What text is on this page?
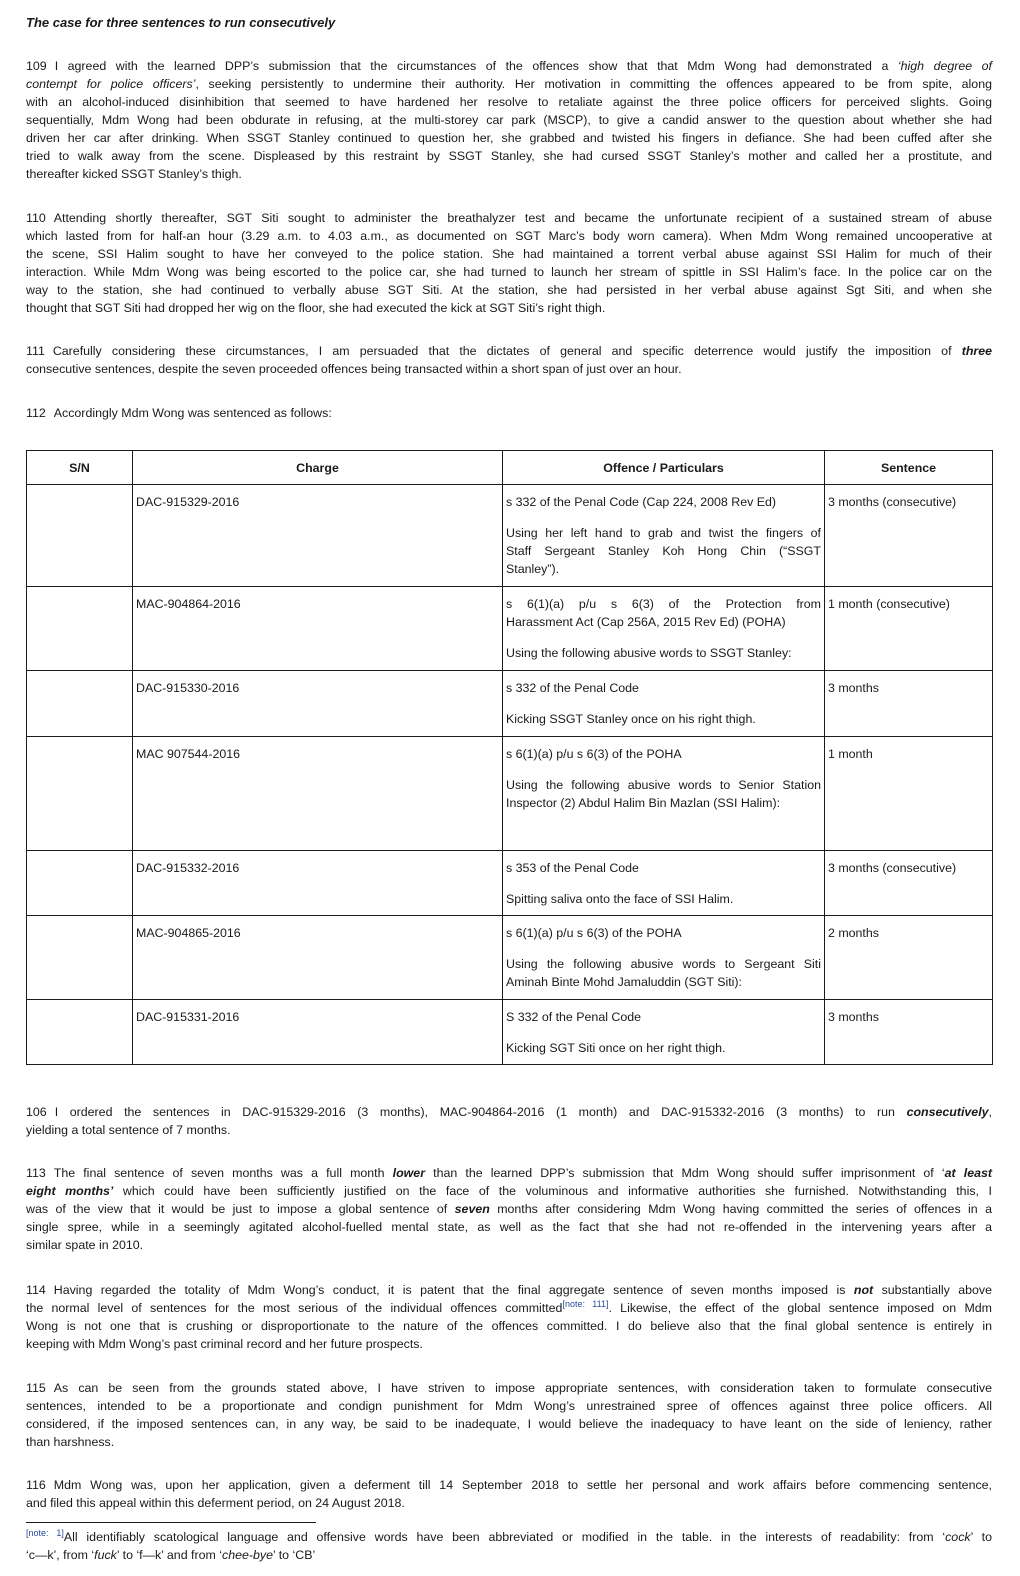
The case for three sentences to run consecutively
109 I agreed with the learned DPP’s submission that the circumstances of the offences show that that Mdm Wong had demonstrated a ‘high degree of
contempt for police officers’, seeking persistently to undermine their authority. Her motivation in committing the offences appeared to be from spite, along
with an alcohol-induced disinhibition that seemed to have hardened her resolve to retaliate against the three police officers for perceived slights. Going
sequentially, Mdm Wong had been obdurate in refusing, at the multi-storey car park (MSCP), to give a candid answer to the question about whether she had
driven her car after drinking. When SSGT Stanley continued to question her, she grabbed and twisted his fingers in defiance. She had been cuffed after she
tried to walk away from the scene. Displeased by this restraint by SSGT Stanley, she had cursed SSGT Stanley’s mother and called her a prostitute, and
thereafter kicked SSGT Stanley’s thigh.
110 Attending shortly thereafter, SGT Siti sought to administer the breathalyzer test and became the unfortunate recipient of a sustained stream of abuse
which lasted from for half-an hour (3.29 a.m. to 4.03 a.m., as documented on SGT Marc’s body worn camera). When Mdm Wong remained uncooperative at
the scene, SSI Halim sought to have her conveyed to the police station. She had maintained a torrent verbal abuse against SSI Halim for much of their
interaction. While Mdm Wong was being escorted to the police car, she had turned to launch her stream of spittle in SSI Halim’s face. In the police car on the
way to the station, she had continued to verbally abuse SGT Siti. At the station, she had persisted in her verbal abuse against Sgt Siti, and when she
thought that SGT Siti had dropped her wig on the floor, she had executed the kick at SGT Siti’s right thigh.
111 Carefully considering these circumstances, I am persuaded that the dictates of general and specific deterrence would justify the imposition of three
consecutive sentences, despite the seven proceeded offences being transacted within a short span of just over an hour.
112 Accordingly Mdm Wong was sentenced as follows:
S/N	Charge	Offence / Particulars	Sentence

	DAC-915329-2016	s 332 of the Penal Code (Cap 224, 2008 Rev Ed)
Using her left hand to grab and twist the fingers of
Staff Sergeant Stanley Koh Hong Chin (“SSGT
Stanley”).	3 months (consecutive)

	MAC-904864-2016	s 6(1)(a) p/u s 6(3) of the Protection from
Harassment Act (Cap 256A, 2015 Rev Ed) (POHA)
Using the following abusive words to SSGT Stanley:	1 month (consecutive)

	DAC-915330-2016	s 332 of the Penal Code
Kicking SSGT Stanley once on his right thigh.	3 months

	MAC 907544-2016	s 6(1)(a) p/u s 6(3) of the POHA
Using the following abusive words to Senior Station
Inspector (2) Abdul Halim Bin Mazlan (SSI Halim):	1 month

	DAC-915332-2016	s 353 of the Penal Code
Spitting saliva onto the face of SSI Halim.	3 months (consecutive)

	MAC-904865-2016	s 6(1)(a) p/u s 6(3) of the POHA
Using the following abusive words to Sergeant Siti
Aminah Binte Mohd Jamaluddin (SGT Siti):	2 months

	DAC-915331-2016	S 332 of the Penal Code
Kicking SGT Siti once on her right thigh.	3 months
106 I ordered the sentences in DAC-915329-2016 (3 months), MAC-904864-2016 (1 month) and DAC-915332-2016 (3 months) to run consecutively,
yielding a total sentence of 7 months.
113 The final sentence of seven months was a full month lower than the learned DPP’s submission that Mdm Wong should suffer imprisonment of ‘at least
eight months’ which could have been sufficiently justified on the face of the voluminous and informative authorities she furnished. Notwithstanding this, I
was of the view that it would be just to impose a global sentence of seven months after considering Mdm Wong having committed the series of offences in a
single spree, while in a seemingly agitated alcohol-fuelled mental state, as well as the fact that she had not re-offended in the intervening years after a
similar spate in 2010.
114 Having regarded the totality of Mdm Wong’s conduct, it is patent that the final aggregate sentence of seven months imposed is not substantially above
the normal level of sentences for the most serious of the individual offences committed[note: 111]. Likewise, the effect of the global sentence imposed on Mdm
Wong is not one that is crushing or disproportionate to the nature of the offences committed. I do believe also that the final global sentence is entirely in
keeping with Mdm Wong’s past criminal record and her future prospects.
115 As can be seen from the grounds stated above, I have striven to impose appropriate sentences, with consideration taken to formulate consecutive
sentences, intended to be a proportionate and condign punishment for Mdm Wong’s unrestrained spree of offences against three police officers. All
considered, if the imposed sentences can, in any way, be said to be inadequate, I would believe the inadequacy to have leant on the side of leniency, rather
than harshness.
116 Mdm Wong was, upon her application, given a deferment till 14 September 2018 to settle her personal and work affairs before commencing sentence,
and filed this appeal within this deferment period, on 24 August 2018.
[note: 1]All identifiably scatological language and offensive words have been abbreviated or modified in the table. in the interests of readability: from ‘cock’ to
‘c—k’, from ‘fuck’ to ‘f—k’ and from ‘chee-bye’ to ‘CB’
